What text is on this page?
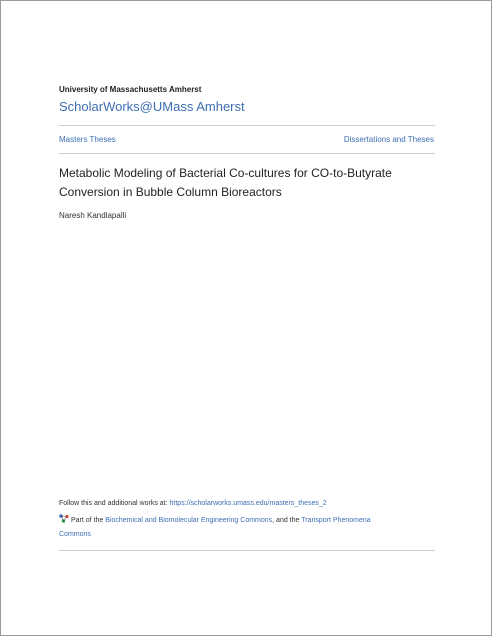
University of Massachusetts Amherst
ScholarWorks@UMass Amherst
Masters Theses	Dissertations and Theses
Metabolic Modeling of Bacterial Co-cultures for CO-to-Butyrate
Conversion in Bubble Column Bioreactors
Naresh Kandlapalli
Follow this and additional works at: https://scholarworks.umass.edu/masters_theses_2
Part of the Biochemical and Biomolecular Engineering Commons, and the Transport Phenomena
Commons
